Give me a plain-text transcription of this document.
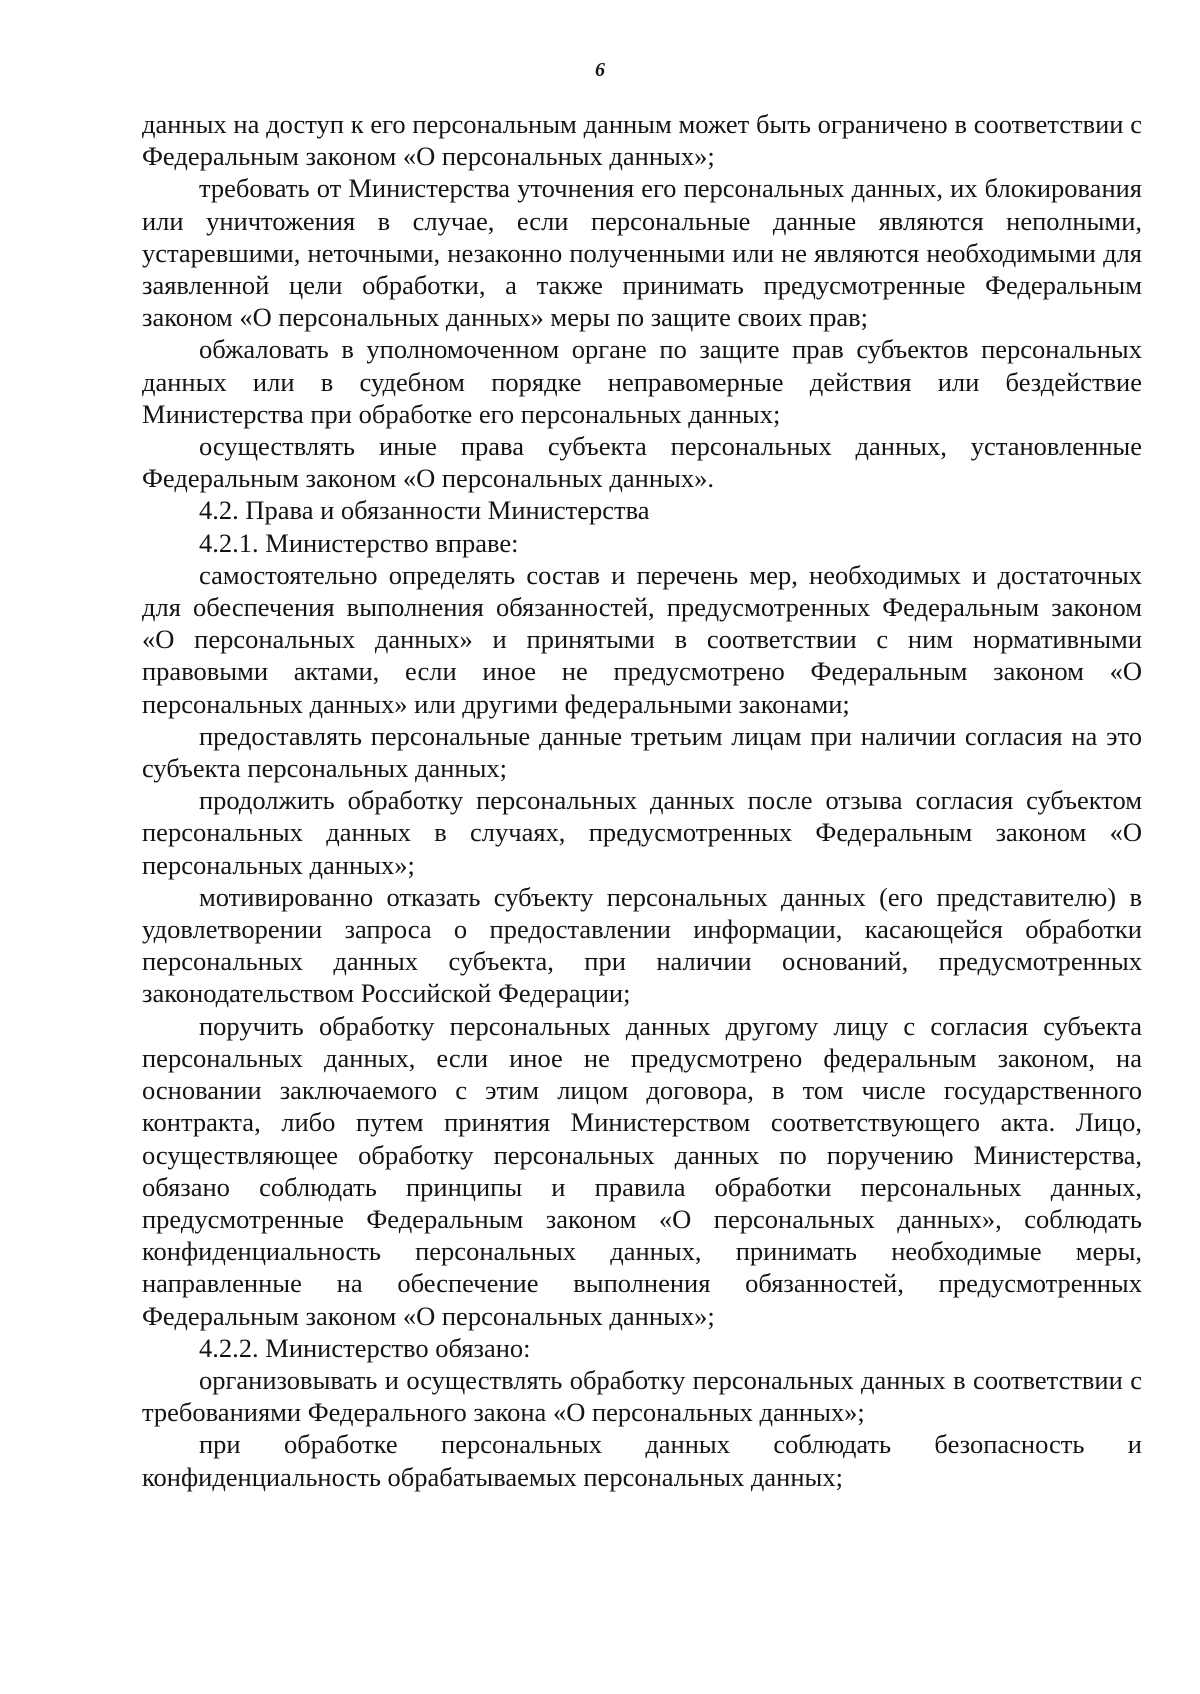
6

данных на доступ к его персональным данным может быть ограничено в соответствии с Федеральным законом «О персональных данных»;

требовать от Министерства уточнения его персональных данных, их блокирования или уничтожения в случае, если персональные данные являются неполными, устаревшими, неточными, незаконно полученными или не являются необходимыми для заявленной цели обработки, а также принимать предусмотренные Федеральным законом «О персональных данных» меры по защите своих прав;

обжаловать в уполномоченном органе по защите прав субъектов персональных данных или в судебном порядке неправомерные действия или бездействие Министерства при обработке его персональных данных;

осуществлять иные права субъекта персональных данных, установленные Федеральным законом «О персональных данных».

4.2. Права и обязанности Министерства

4.2.1. Министерство вправе:

самостоятельно определять состав и перечень мер, необходимых и достаточных для обеспечения выполнения обязанностей, предусмотренных Федеральным законом «О персональных данных» и принятыми в соответствии с ним нормативными правовыми актами, если иное не предусмотрено Федеральным законом «О персональных данных» или другими федеральными законами;

предоставлять персональные данные третьим лицам при наличии согласия на это субъекта персональных данных;

продолжить обработку персональных данных после отзыва согласия субъектом персональных данных в случаях, предусмотренных Федеральным законом «О персональных данных»;

мотивированно отказать субъекту персональных данных (его представителю) в удовлетворении запроса о предоставлении информации, касающейся обработки персональных данных субъекта, при наличии оснований, предусмотренных законодательством Российской Федерации;

поручить обработку персональных данных другому лицу с согласия субъекта персональных данных, если иное не предусмотрено федеральным законом, на основании заключаемого с этим лицом договора, в том числе государственного контракта, либо путем принятия Министерством соответствующего акта. Лицо, осуществляющее обработку персональных данных по поручению Министерства, обязано соблюдать принципы и правила обработки персональных данных, предусмотренные Федеральным законом «О персональных данных», соблюдать конфиденциальность персональных данных, принимать необходимые меры, направленные на обеспечение выполнения обязанностей, предусмотренных Федеральным законом «О персональных данных»;

4.2.2. Министерство обязано:

организовывать и осуществлять обработку персональных данных в соответствии с требованиями Федерального закона «О персональных данных»;

при обработке персональных данных соблюдать безопасность и конфиденциальность обрабатываемых персональных данных;
